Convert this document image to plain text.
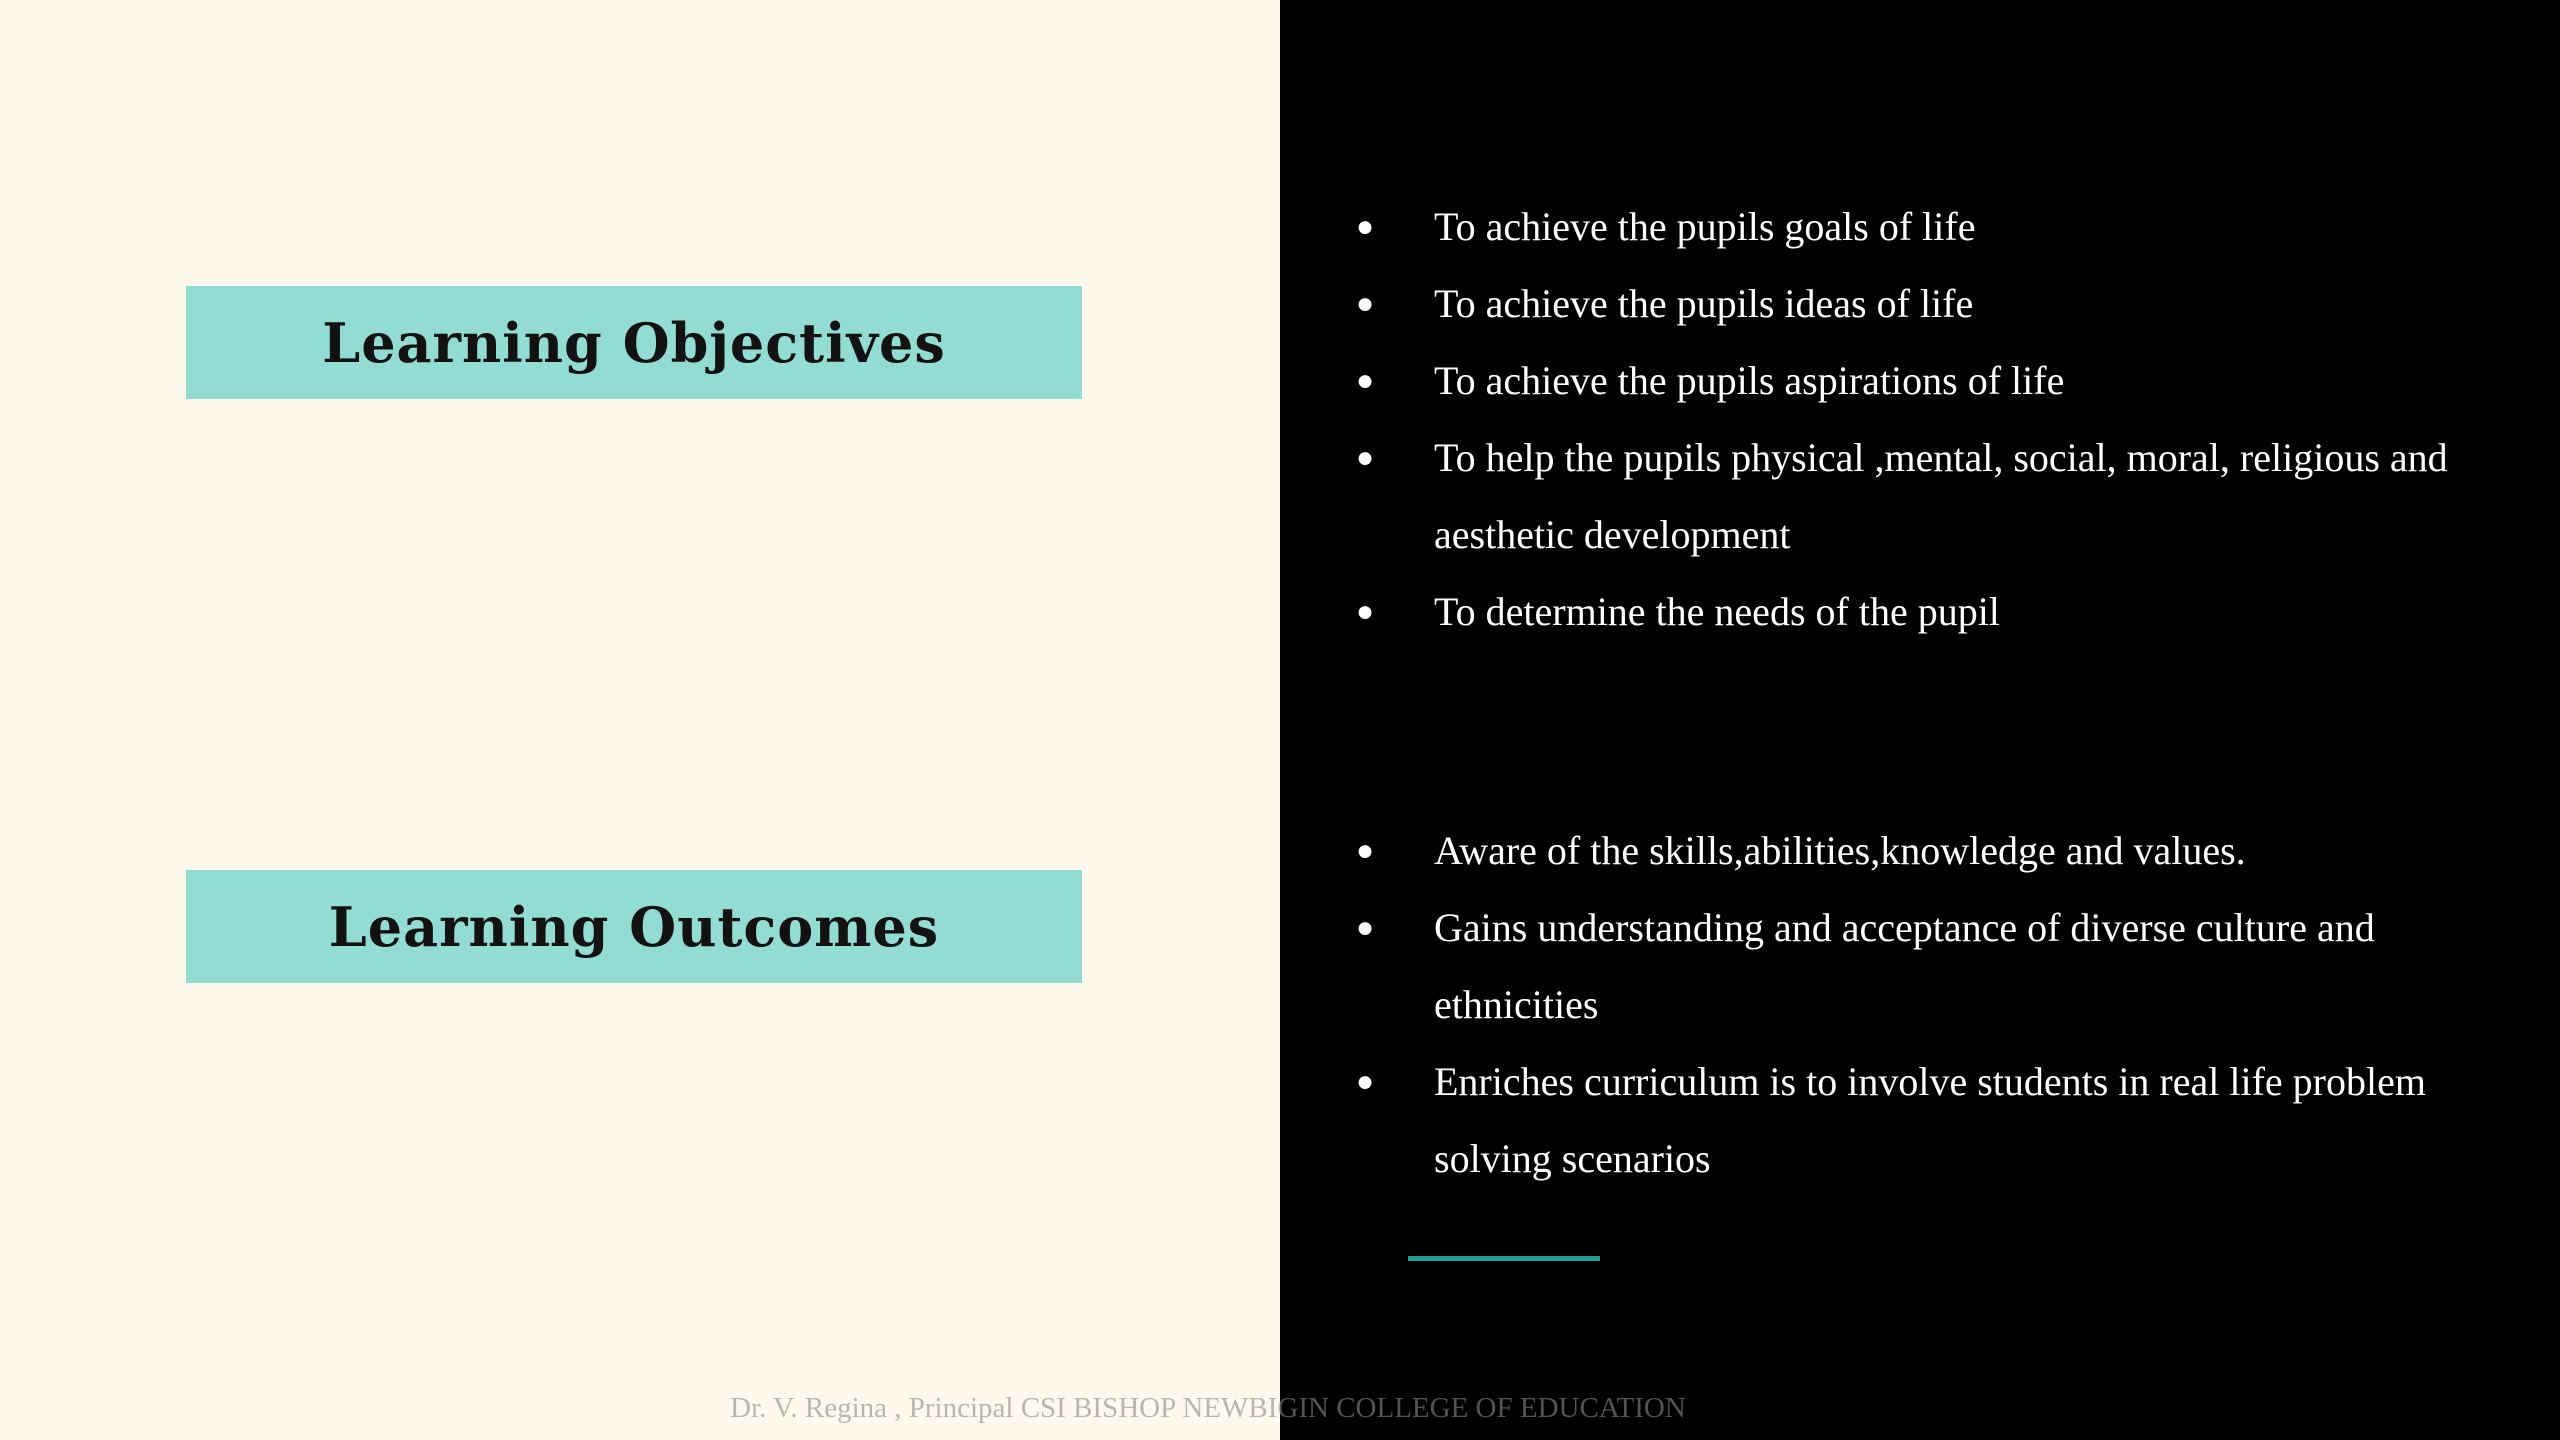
Learning Objectives
Learning Outcomes
● To achieve the pupils goals of life
● To achieve the pupils ideas of life
● To achieve the pupils aspirations of life
● To help the pupils physical ,mental, social, moral, religious and aesthetic development
● To determine the needs of the pupil
● Aware of the skills,abilities,knowledge and values.
● Gains understanding and acceptance of diverse culture and ethnicities
● Enriches curriculum is to involve students in real life problem solving scenarios
Dr. V. Regina , Principal CSI BISHOP NEWBIGIN COLLEGE OF EDUCATION
